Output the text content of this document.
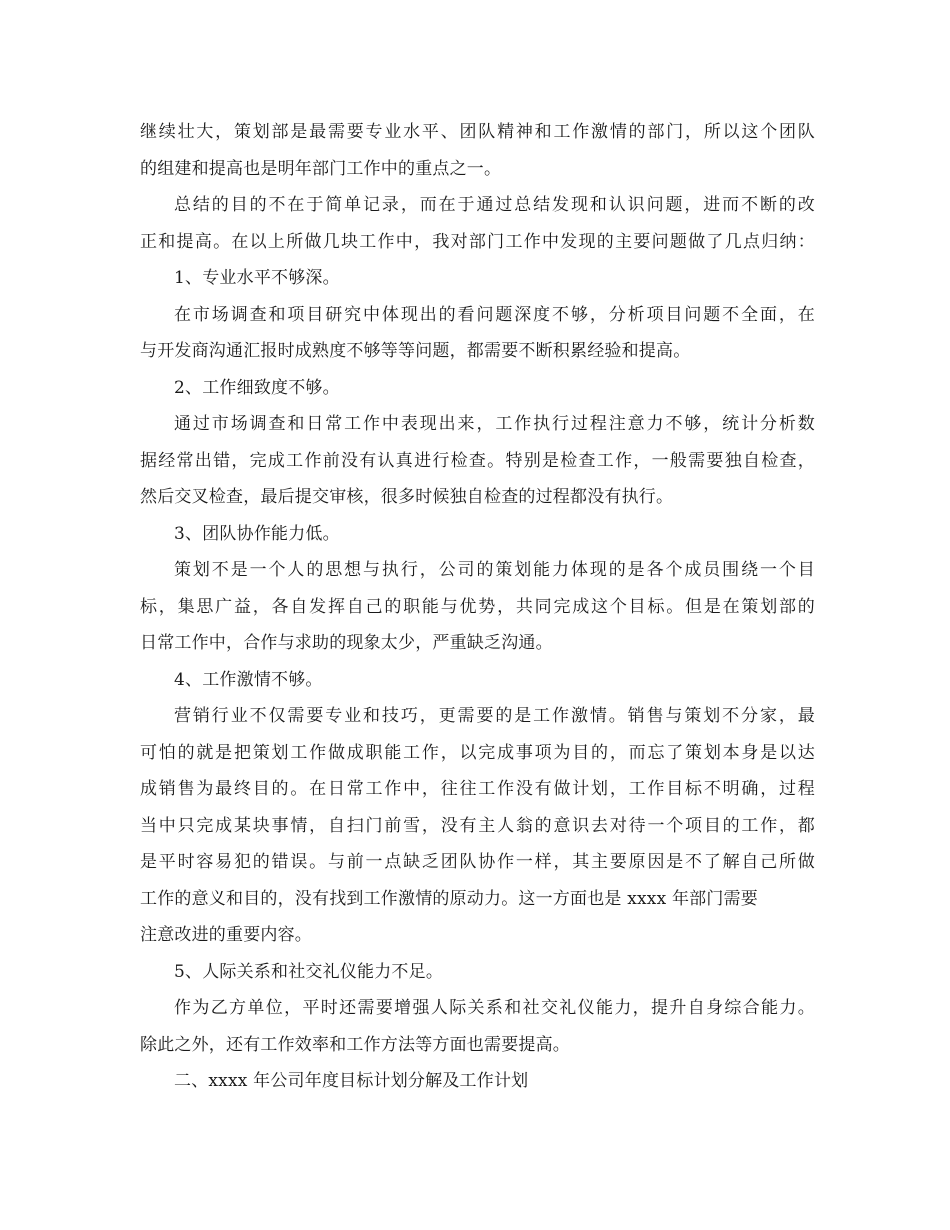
继续壮大，策划部是最需要专业水平、团队精神和工作激情的部门，所以这个团队
的组建和提高也是明年部门工作中的重点之一。
总结的目的不在于简单记录，而在于通过总结发现和认识问题，进而不断的改
正和提高。在以上所做几块工作中，我对部门工作中发现的主要问题做了几点归纳：
1、专业水平不够深。
在市场调查和项目研究中体现出的看问题深度不够，分析项目问题不全面，在
与开发商沟通汇报时成熟度不够等等问题，都需要不断积累经验和提高。
2、工作细致度不够。
通过市场调查和日常工作中表现出来，工作执行过程注意力不够，统计分析数
据经常出错，完成工作前没有认真进行检查。特别是检查工作，一般需要独自检查，
然后交叉检查，最后提交审核，很多时候独自检查的过程都没有执行。
3、团队协作能力低。
策划不是一个人的思想与执行，公司的策划能力体现的是各个成员围绕一个目
标，集思广益，各自发挥自己的职能与优势，共同完成这个目标。但是在策划部的
日常工作中，合作与求助的现象太少，严重缺乏沟通。
4、工作激情不够。
营销行业不仅需要专业和技巧，更需要的是工作激情。销售与策划不分家，最
可怕的就是把策划工作做成职能工作，以完成事项为目的，而忘了策划本身是以达
成销售为最终目的。在日常工作中，往往工作没有做计划，工作目标不明确，过程
当中只完成某块事情，自扫门前雪，没有主人翁的意识去对待一个项目的工作，都
是平时容易犯的错误。与前一点缺乏团队协作一样，其主要原因是不了解自己所做
工作的意义和目的，没有找到工作激情的原动力。这一方面也是 xxxx 年部门需要
注意改进的重要内容。
5、人际关系和社交礼仪能力不足。
作为乙方单位，平时还需要增强人际关系和社交礼仪能力，提升自身综合能力。
除此之外，还有工作效率和工作方法等方面也需要提高。
二、xxxx 年公司年度目标计划分解及工作计划
